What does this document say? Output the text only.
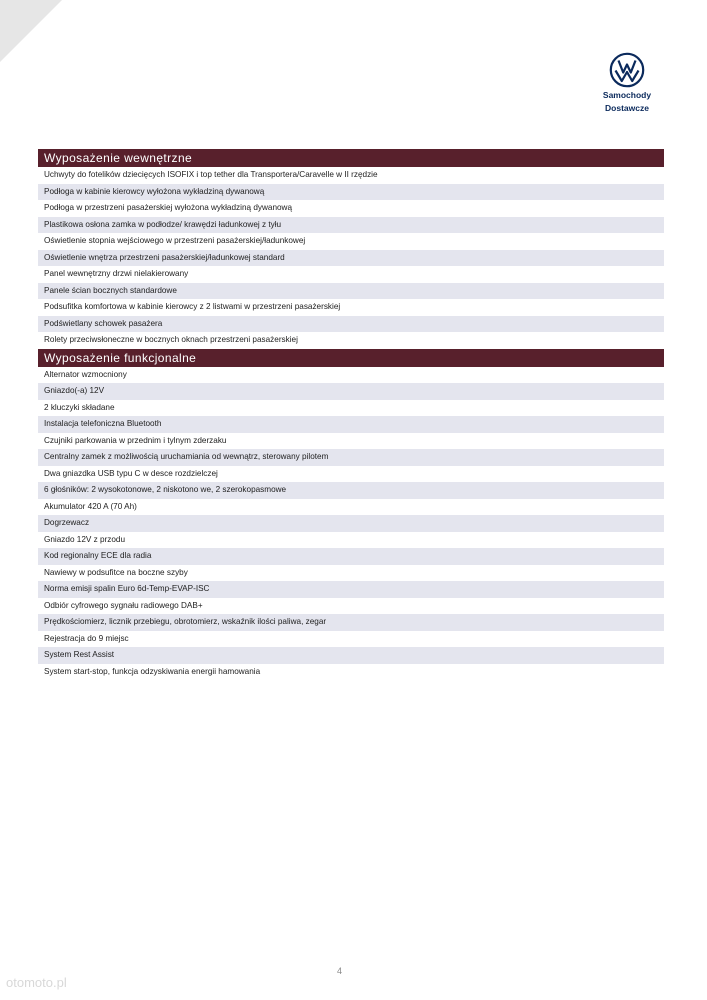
Samochody
Dostawcze
Wyposażenie wewnętrzne
Uchwyty do fotelików dziecięcych ISOFIX i top tether dla Transportera/Caravelle w II rzędzie
Podłoga w kabinie kierowcy wyłożona wykładziną dywanową
Podłoga w przestrzeni pasażerskiej wyłożona wykładziną dywanową
Plastikowa osłona zamka w podłodze/ krawędzi ładunkowej z tyłu
Oświetlenie stopnia wejściowego w przestrzeni pasażerskiej/ładunkowej
Oświetlenie wnętrza przestrzeni pasażerskiej/ładunkowej standard
Panel wewnętrzny drzwi nielakierowany
Panele ścian bocznych standardowe
Podsufitka komfortowa w kabinie kierowcy z 2 listwami w przestrzeni pasażerskiej
Podświetlany schowek pasażera
Rolety przeciwsłoneczne w bocznych oknach przestrzeni pasażerskiej
Wyposażenie funkcjonalne
Alternator wzmocniony
Gniazdo(-a) 12V
2 kluczyki składane
Instalacja telefoniczna Bluetooth
Czujniki parkowania w przednim i tylnym zderzaku
Centralny zamek z możliwością uruchamiania od wewnątrz, sterowany pilotem
Dwa gniazdka USB typu C w desce rozdzielczej
6 głośników: 2 wysokotonowe, 2 niskotono we, 2 szerokopasmowe
Akumulator 420 A (70 Ah)
Dogrzewacz
Gniazdo 12V z przodu
Kod regionalny ECE dla radia
Nawiewy w podsufitce na boczne szyby
Norma emisji spalin Euro 6d-Temp-EVAP-ISC
Odbiór cyfrowego sygnału radiowego DAB+
Prędkościomierz, licznik przebiegu, obrotomierz, wskaźnik ilości paliwa, zegar
Rejestracja do 9 miejsc
System Rest Assist
System start-stop, funkcja odzyskiwania energii hamowania
4
otomoto.pl
